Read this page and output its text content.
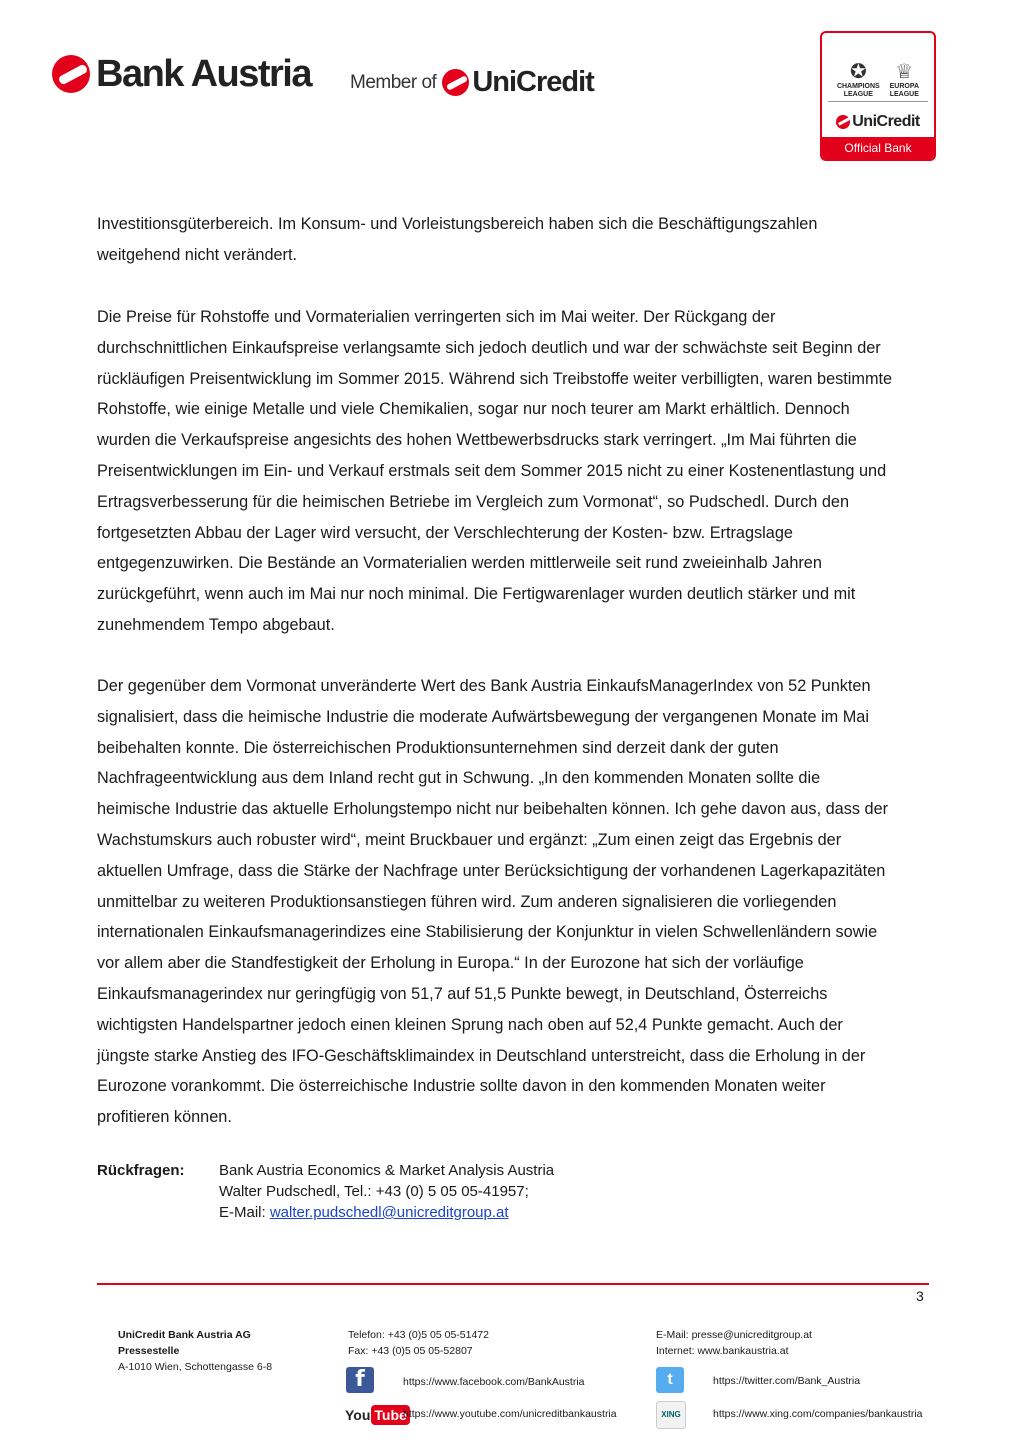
Bank Austria Member of UniCredit	✪
CHAMPIONS
LEAGUE
♕
EUROPA
LEAGUE
UniCredit
Official Bank

Investitionsgüterbereich. Im Konsum- und Vorleistungsbereich haben sich die Beschäftigungszahlen weitgehend nicht verändert.

Die Preise für Rohstoffe und Vormaterialien verringerten sich im Mai weiter. Der Rückgang der durchschnittlichen Einkaufspreise verlangsamte sich jedoch deutlich und war der schwächste seit Beginn der rückläufigen Preisentwicklung im Sommer 2015. Während sich Treibstoffe weiter verbilligten, waren bestimmte Rohstoffe, wie einige Metalle und viele Chemikalien, sogar nur noch teurer am Markt erhältlich. Dennoch wurden die Verkaufspreise angesichts des hohen Wettbewerbsdrucks stark verringert. „Im Mai führten die Preisentwicklungen im Ein- und Verkauf erstmals seit dem Sommer 2015 nicht zu einer Kostenentlastung und Ertragsverbesserung für die heimischen Betriebe im Vergleich zum Vormonat“, so Pudschedl. Durch den fortgesetzten Abbau der Lager wird versucht, der Verschlechterung der Kosten- bzw. Ertragslage entgegenzuwirken. Die Bestände an Vormaterialien werden mittlerweile seit rund zweieinhalb Jahren zurückgeführt, wenn auch im Mai nur noch minimal. Die Fertigwarenlager wurden deutlich stärker und mit zunehmendem Tempo abgebaut.

Der gegenüber dem Vormonat unveränderte Wert des Bank Austria EinkaufsManagerIndex von 52 Punkten signalisiert, dass die heimische Industrie die moderate Aufwärtsbewegung der vergangenen Monate im Mai beibehalten konnte. Die österreichischen Produktionsunternehmen sind derzeit dank der guten Nachfrageentwicklung aus dem Inland recht gut in Schwung. „In den kommenden Monaten sollte die heimische Industrie das aktuelle Erholungstempo nicht nur beibehalten können. Ich gehe davon aus, dass der Wachstumskurs auch robuster wird“, meint Bruckbauer und ergänzt: „Zum einen zeigt das Ergebnis der aktuellen Umfrage, dass die Stärke der Nachfrage unter Berücksichtigung der vorhandenen Lagerkapazitäten unmittelbar zu weiteren Produktionsanstiegen führen wird. Zum anderen signalisieren die vorliegenden internationalen Einkaufsmanagerindizes eine Stabilisierung der Konjunktur in vielen Schwellenländern sowie vor allem aber die Standfestigkeit der Erholung in Europa.“ In der Eurozone hat sich der vorläufige Einkaufsmanagerindex nur geringfügig von 51,7 auf 51,5 Punkte bewegt, in Deutschland, Österreichs wichtigsten Handelspartner jedoch einen kleinen Sprung nach oben auf 52,4 Punkte gemacht. Auch der jüngste starke Anstieg des IFO-Geschäftsklimaindex in Deutschland unterstreicht, dass die Erholung in der Eurozone vorankommt. Die österreichische Industrie sollte davon in den kommenden Monaten weiter profitieren können.

Rückfragen: Bank Austria Economics & Market Analysis Austria
Walter Pudschedl, Tel.: +43 (0) 5 05 05-41957;
E-Mail: walter.pudschedl@unicreditgroup.at
3
UniCredit Bank Austria AG
Pressestelle
A-1010 Wien, Schottengasse 6-8
Telefon: +43 (0)5 05 05-51472
Fax: +43 (0)5 05 05-52807
E-Mail: presse@unicreditgroup.at
Internet: www.bankaustria.at
f	https://www.facebook.com/BankAustria
You Tube
https://www.youtube.com/unicreditbankaustria
t	https://twitter.com/Bank_Austria
XING	https://www.xing.com/companies/bankaustria
